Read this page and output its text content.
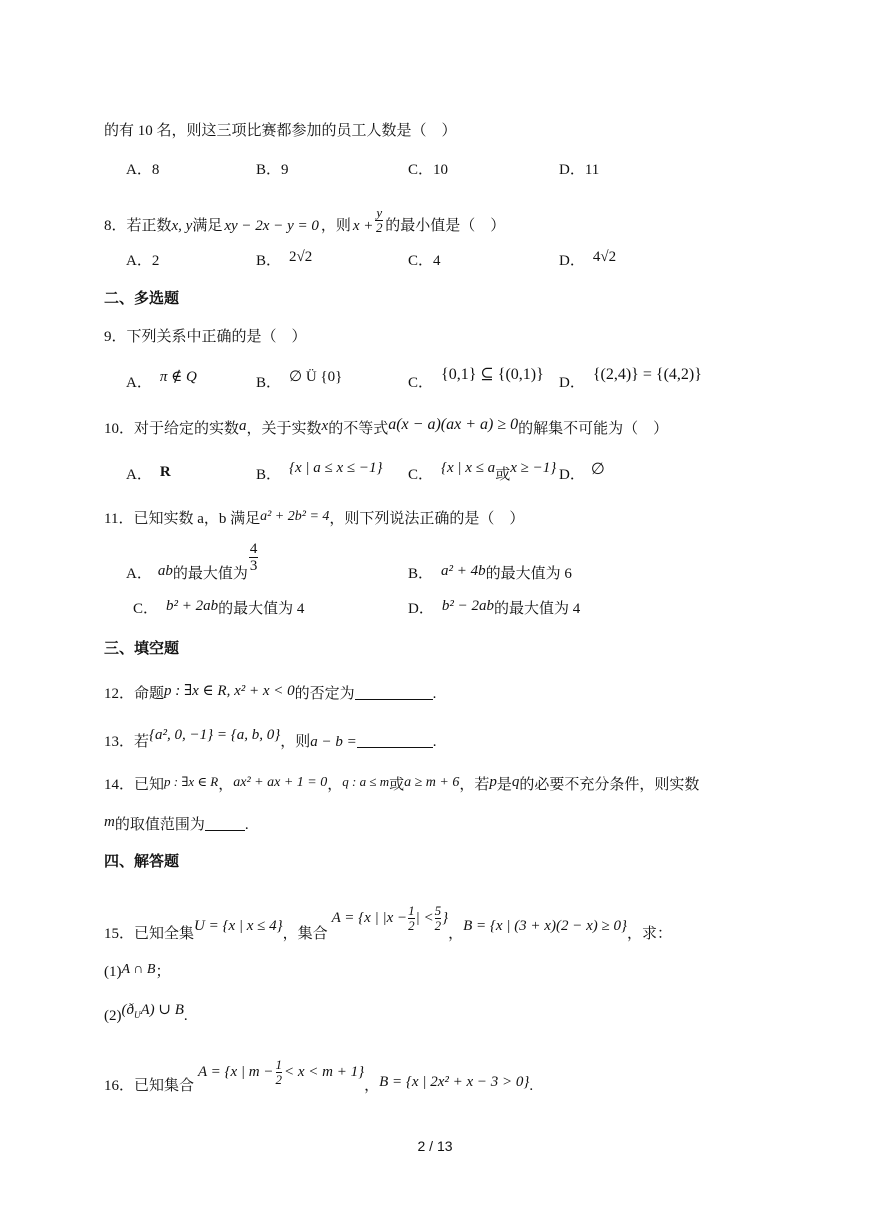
的有 10 名，则这三项比赛都参加的员工人数是（　）
A．8	B．9	C．10	D．11
8．若正数x, y满足 xy − 2x − y = 0 ，则 $x + \frac{y}{2}$ 的最小值是（　）
A．2	B． 2√2	C．4	D． 4√2
二、多选题
9．下列关系中正确的是（　）
A． π ∉ Q	B． ∅ Ü {0}	C． {0,1} ⊆ {(0,1)} D． {(2,4)} = {(4,2)}
10．对于给定的实数a，关于实数x的不等式a(x − a)(ax + a) ≥ 0的解集不可能为（　）
A． R	B． {x | a ≤ x ≤ −1} C． {x | x ≤ a或x ≥ −1} D． ∅
11．已知实数 a，b 满足a² + 2b² = 4，则下列说法正确的是（　）
A． ab的最大值为 $\frac{4}{3}$	B． a² + 4b的最大值为 6
C． b² + 2ab的最大值为 4	D． b² − 2ab的最大值为 4
三、填空题
12．命题p : ∃x ∈ R, x² + x < 0的否定为	.
13．若{a², 0, −1} = {a, b, 0}，则a − b =	.
14．已知p : ∃x ∈ R，ax² + ax + 1 = 0，q : a ≤ m或a ≥ m + 6，若p是q的必要不充分条件，则实数
m的取值范围为	.
四、解答题
15．已知全集U = {x | x ≤ 4}，集合A = {x | $|x - \frac{1}{2}$ | < $\frac{5}{2}$ }，B = {x | (3 + x)(2 − x) ≥ 0}，求：
(1)A ∩ B；
$(2)(ð_UA)$ ∪ B.
16．已知集合A = {x | $m - \frac{1}{2} < x < m + 1$}，B = {x | 2x² + x − 3 > 0}.
2 / 13
